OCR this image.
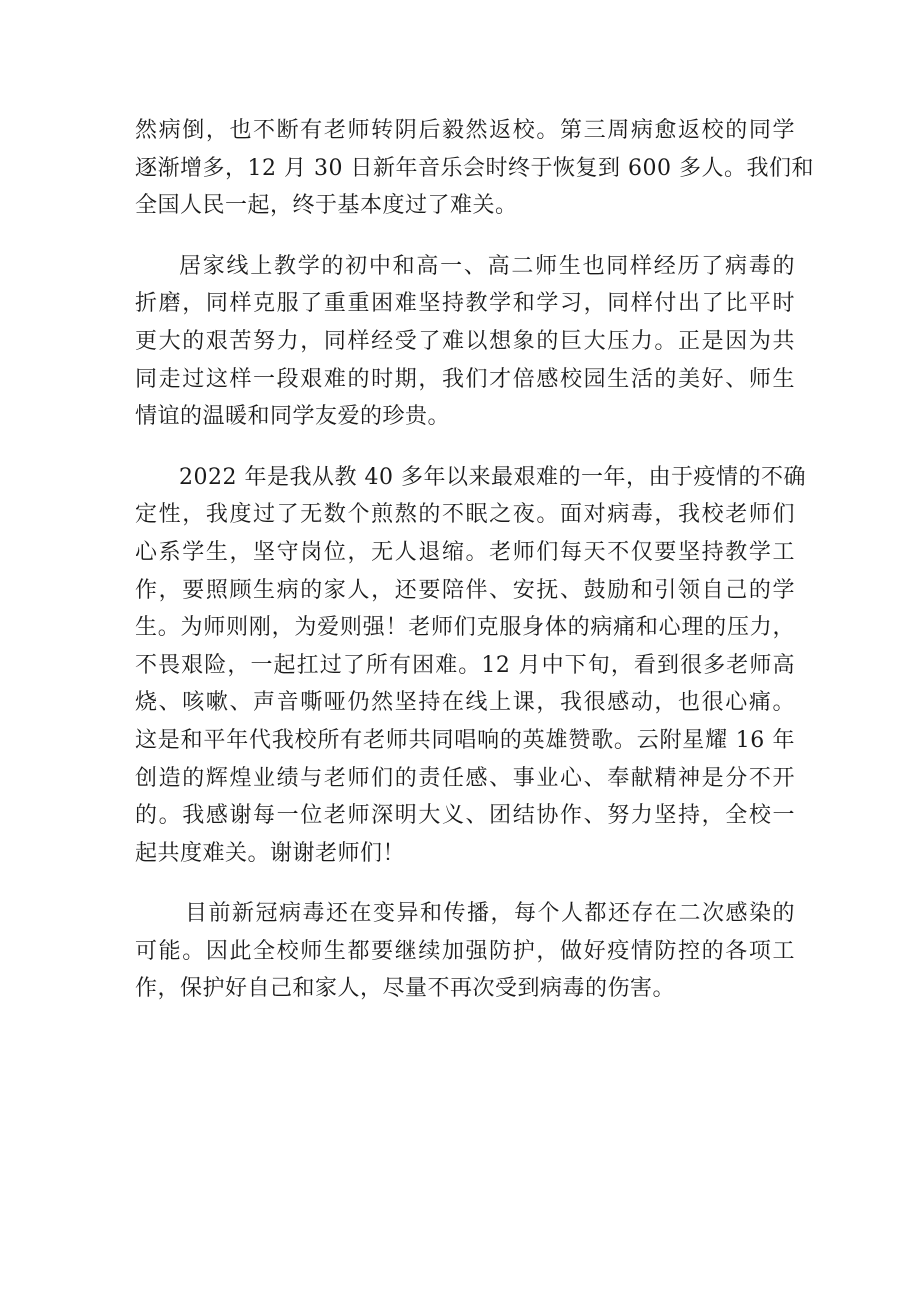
然病倒，也不断有老师转阴后毅然返校。第三周病愈返校的同学
逐渐增多，12 月 30 日新年音乐会时终于恢复到 600 多人。我们和
全国人民一起，终于基本度过了难关。

居家线上教学的初中和高一、高二师生也同样经历了病毒的
折磨，同样克服了重重困难坚持教学和学习，同样付出了比平时
更大的艰苦努力，同样经受了难以想象的巨大压力。正是因为共
同走过这样一段艰难的时期，我们才倍感校园生活的美好、师生
情谊的温暖和同学友爱的珍贵。

2022 年是我从教 40 多年以来最艰难的一年，由于疫情的不确
定性，我度过了无数个煎熬的不眠之夜。面对病毒，我校老师们
心系学生，坚守岗位，无人退缩。老师们每天不仅要坚持教学工
作，要照顾生病的家人，还要陪伴、安抚、鼓励和引领自己的学
生。为师则刚，为爱则强！老师们克服身体的病痛和心理的压力，
不畏艰险，一起扛过了所有困难。12 月中下旬，看到很多老师高
烧、咳嗽、声音嘶哑仍然坚持在线上课，我很感动，也很心痛。
这是和平年代我校所有老师共同唱响的英雄赞歌。云附星耀 16 年
创造的辉煌业绩与老师们的责任感、事业心、奉献精神是分不开
的。我感谢每一位老师深明大义、团结协作、努力坚持，全校一
起共度难关。谢谢老师们！

目前新冠病毒还在变异和传播，每个人都还存在二次感染的
可能。因此全校师生都要继续加强防护，做好疫情防控的各项工
作，保护好自己和家人，尽量不再次受到病毒的伤害。
